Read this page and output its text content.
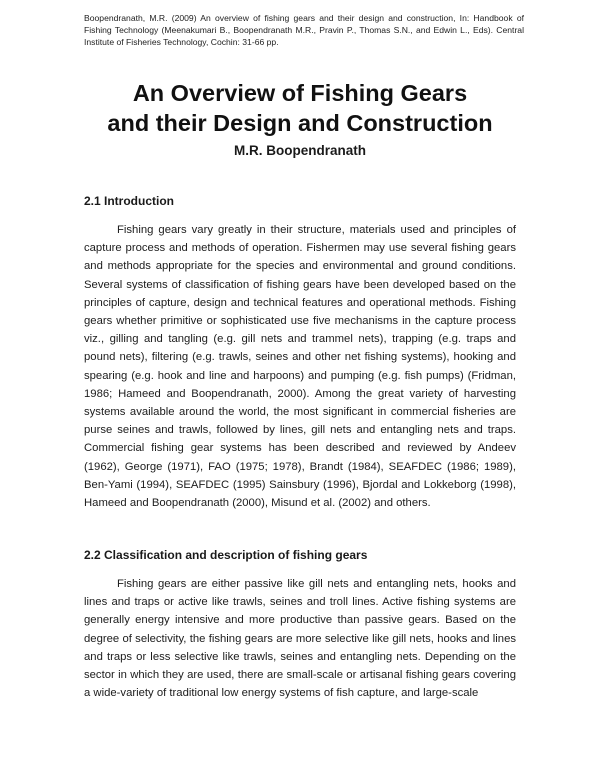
Boopendranath, M.R. (2009) An overview of fishing gears and their design and construction, In: Handbook of Fishing Technology (Meenakumari B., Boopendranath M.R., Pravin P., Thomas S.N., and Edwin L., Eds). Central Institute of Fisheries Technology, Cochin: 31-66 pp.
An Overview of Fishing Gears
and their Design and Construction
M.R. Boopendranath
2.1 Introduction
Fishing gears vary greatly in their structure, materials used and principles of capture process and methods of operation. Fishermen may use several fishing gears and methods appropriate for the species and environmental and ground conditions. Several systems of classification of fishing gears have been developed based on the principles of capture, design and technical features and operational methods. Fishing gears whether primitive or sophisticated use five mechanisms in the capture process viz., gilling and tangling (e.g. gill nets and trammel nets), trapping (e.g. traps and pound nets), filtering (e.g. trawls, seines and other net fishing systems), hooking and spearing (e.g. hook and line and harpoons) and pumping (e.g. fish pumps) (Fridman, 1986; Hameed and Boopendranath, 2000). Among the great variety of harvesting systems available around the world, the most significant in commercial fisheries are purse seines and trawls, followed by lines, gill nets and entangling nets and traps. Commercial fishing gear systems has been described and reviewed by Andeev (1962), George (1971), FAO (1975; 1978), Brandt (1984), SEAFDEC (1986; 1989), Ben-Yami (1994), SEAFDEC (1995) Sainsbury (1996), Bjordal and Lokkeborg (1998), Hameed and Boopendranath (2000), Misund et al. (2002) and others.
2.2 Classification and description of fishing gears
Fishing gears are either passive like gill nets and entangling nets, hooks and lines and traps or active like trawls, seines and troll lines. Active fishing systems are generally energy intensive and more productive than passive gears. Based on the degree of selectivity, the fishing gears are more selective like gill nets, hooks and lines and traps or less selective like trawls, seines and entangling nets. Depending on the sector in which they are used, there are small-scale or artisanal fishing gears covering a wide-variety of traditional low energy systems of fish capture, and large-scale
